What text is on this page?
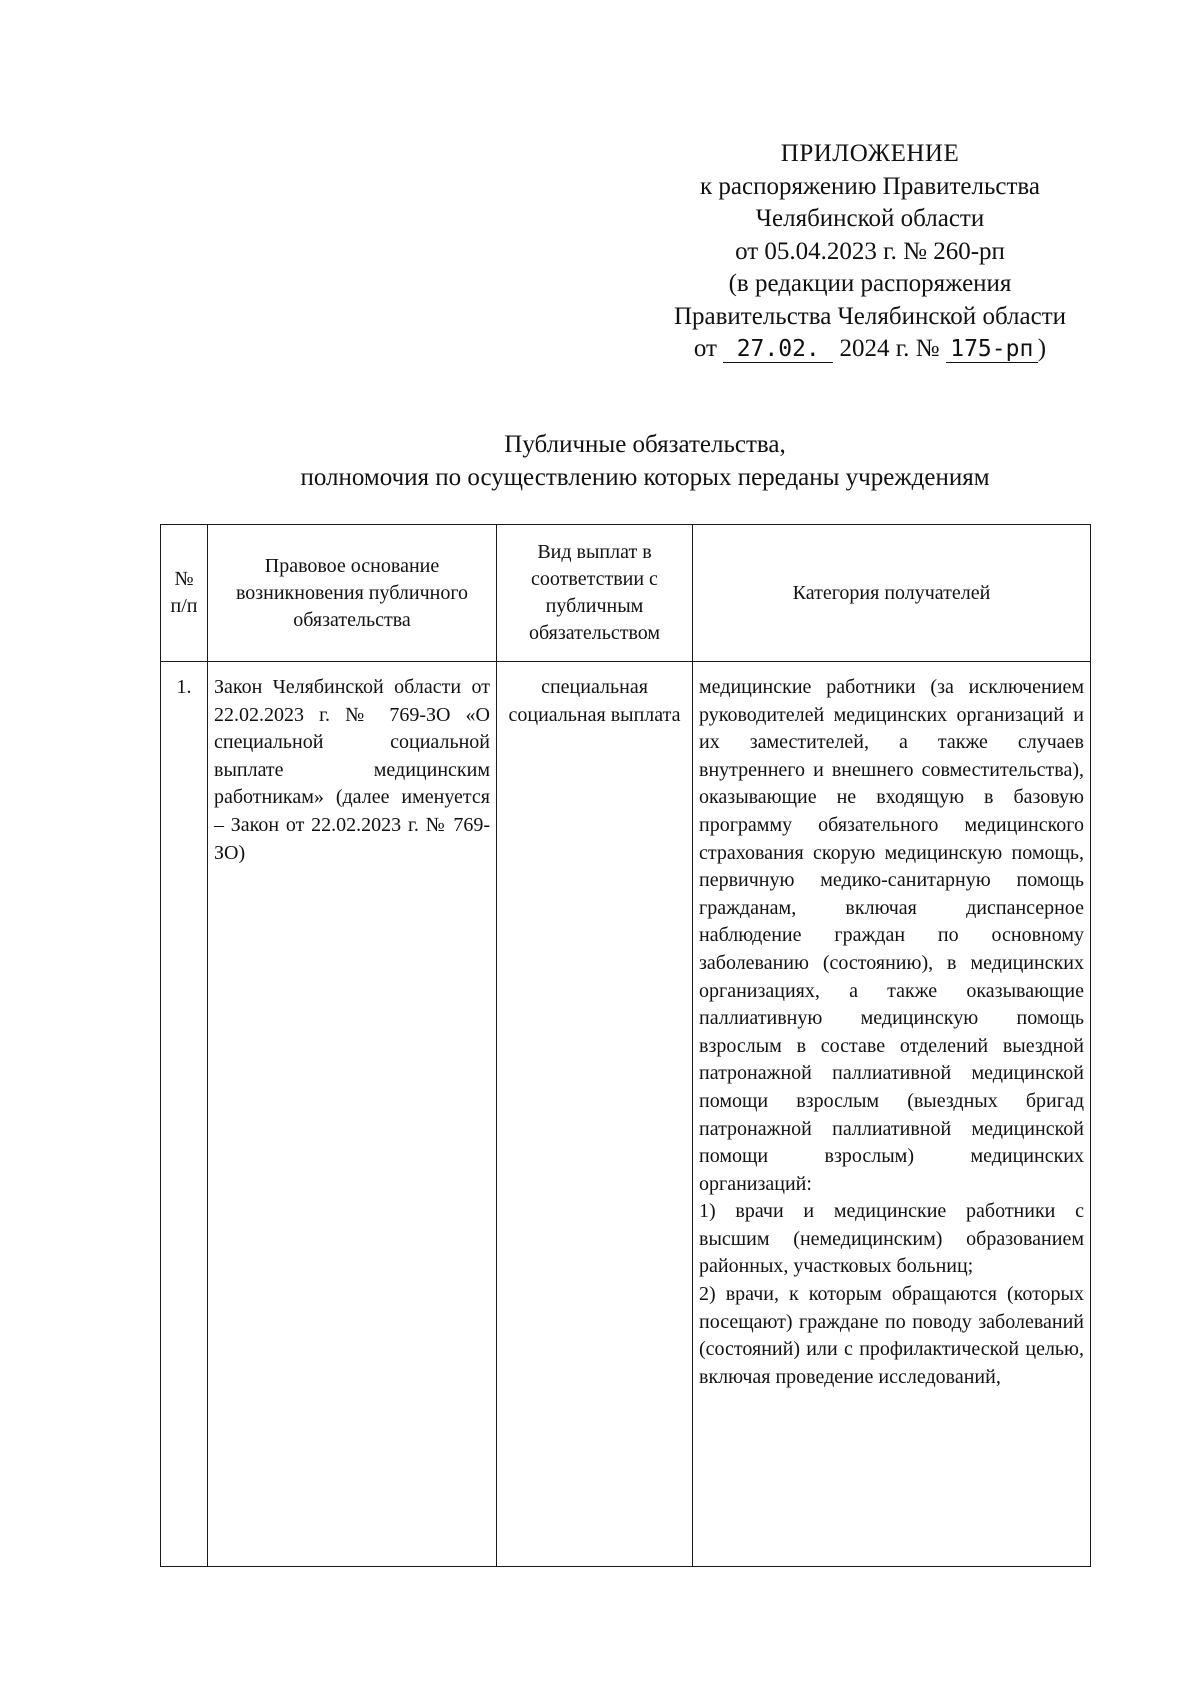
ПРИЛОЖЕНИЕ
к распоряжению Правительства
Челябинской области
от 05.04.2023 г. № 260-рп
(в редакции распоряжения
Правительства Челябинской области
от 27.02. 2024 г. № 175-рп )
Публичные обязательства,
полномочия по осуществлению которых переданы учреждениям
№ п/п	Правовое основание возникновения публичного обязательства	Вид выплат в соответствии с публичным обязательством	Категория получателей
1.	Закон Челябинской области от 22.02.2023 г. № 769-ЗО «О специальной социальной выплате медицинским работникам» (далее именуется – Закон от 22.02.2023 г. № 769-ЗО)	специальная социальная выплата	медицинские работники (за исключением руководителей медицинских организаций и их заместителей, а также случаев внутреннего и внешнего совместительства), оказывающие не входящую в базовую программу обязательного медицинского страхования скорую медицинскую помощь, первичную медико-санитарную помощь гражданам, включая диспансерное наблюдение граждан по основному заболеванию (состоянию), в медицинских организациях, а также оказывающие паллиативную медицинскую помощь взрослым в составе отделений выездной патронажной паллиативной медицинской помощи взрослым (выездных бригад патронажной паллиативной медицинской помощи взрослым) медицинских организаций:
1) врачи и медицинские работники с высшим (немедицинским) образованием районных, участковых больниц;
2) врачи, к которым обращаются (которых посещают) граждане по поводу заболеваний (состояний) или с профилактической целью, включая проведение исследований,
